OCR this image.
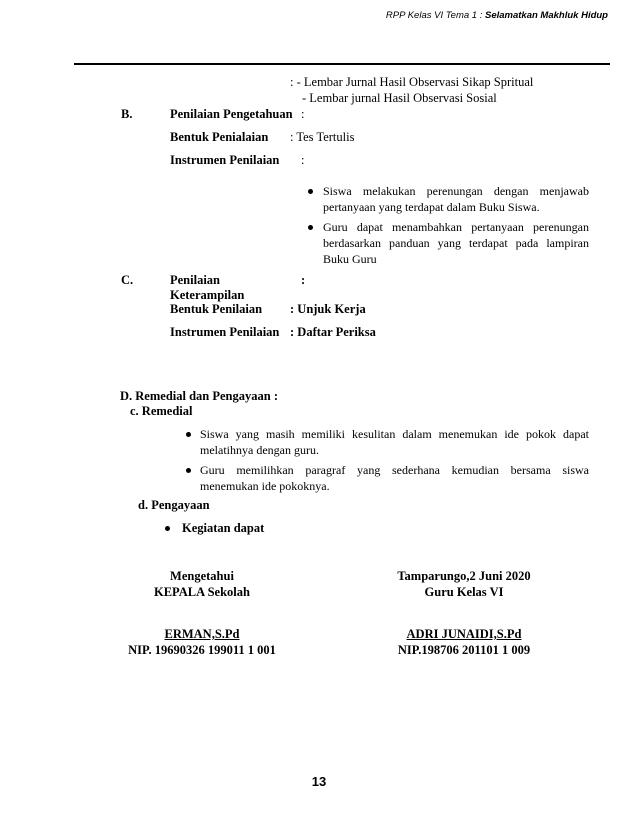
RPP Kelas VI Tema 1 : Selamatkan Makhluk Hidup
: - Lembar Jurnal Hasil Observasi Sikap Spritual
- Lembar jurnal Hasil Observasi Sosial
B.	Penilaian Pengetahuan :
Bentuk Penialaian : Tes Tertulis
Instrumen Penilaian :
Siswa melakukan perenungan dengan menjawab
pertanyaan yang terdapat dalam Buku Siswa.
Guru dapat menambahkan pertanyaan perenungan
berdasarkan panduan yang terdapat pada lampiran
Buku Guru
C.	Penilaian
Keterampilan
:
Bentuk Penilaian : Unjuk Kerja
Instrumen Penilaian : Daftar Periksa
D. Remedial dan Pengayaan :
c. Remedial
Siswa yang masih memiliki kesulitan dalam menemukan ide pokok dapat
melatihnya dengan guru.
Guru memilihkan paragraf yang sederhana kemudian bersama siswa
menemukan ide pokoknya.
d. Pengayaan
Kegiatan dapat
Mengetahui
KEPALA Sekolah
ERMAN,S.Pd
NIP. 19690326 199011 1 001
Tamparungo,2 Juni 2020
Guru Kelas VI
ADRI JUNAIDI,S.Pd
NIP.198706 201101 1 009
13
